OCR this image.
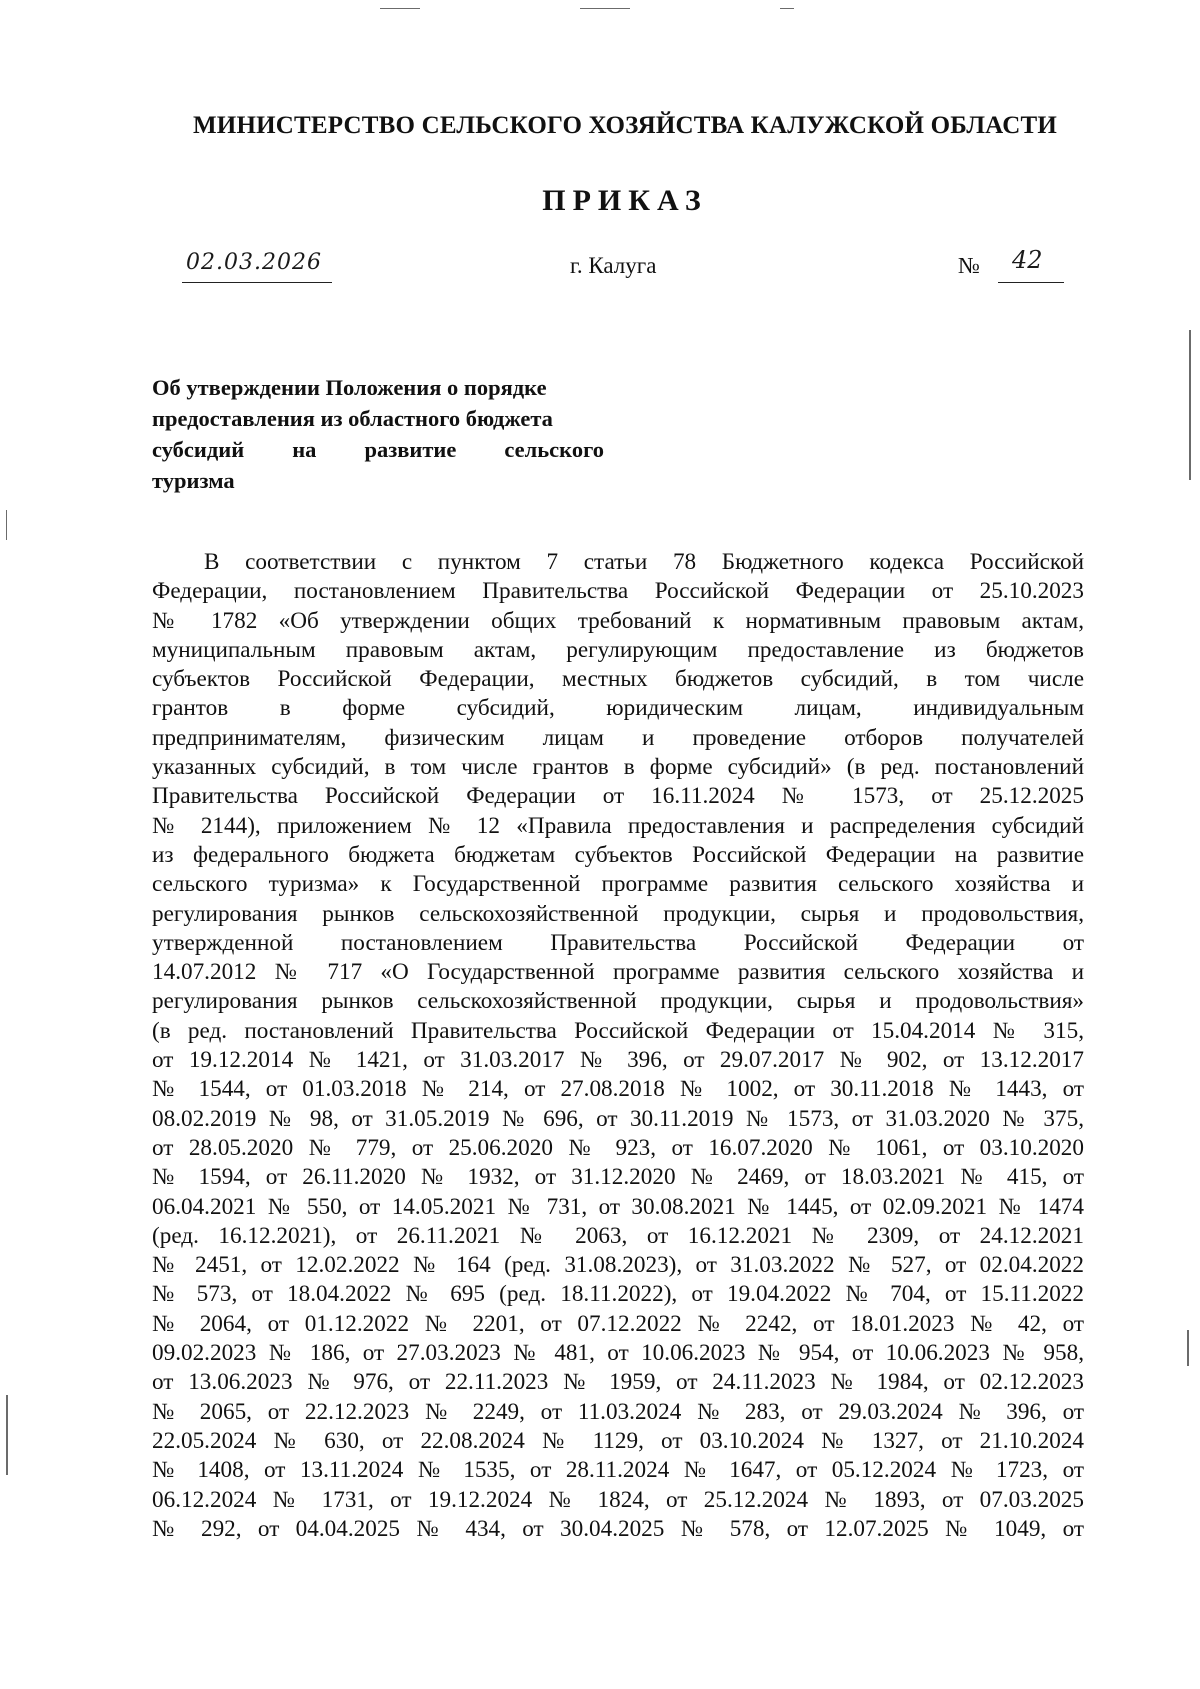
МИНИСТЕРСТВО СЕЛЬСКОГО ХОЗЯЙСТВА КАЛУЖСКОЙ ОБЛАСТИ
ПРИКАЗ
02.03.2026	г. Калуга	№ 42
Об утверждении Положения о порядке
предоставления из областного бюджета
субсидий на развитие сельского
туризма
В соответствии с пунктом 7 статьи 78 Бюджетного кодекса Российской
Федерации, постановлением Правительства Российской Федерации от 25.10.2023
№ 1782 «Об утверждении общих требований к нормативным правовым актам,
муниципальным правовым актам, регулирующим предоставление из бюджетов
субъектов Российской Федерации, местных бюджетов субсидий, в том числе
грантов в форме субсидий, юридическим лицам, индивидуальным
предпринимателям, физическим лицам и проведение отборов получателей
указанных субсидий, в том числе грантов в форме субсидий» (в ред. постановлений
Правительства Российской Федерации от 16.11.2024 № 1573, от 25.12.2025
№ 2144), приложением № 12 «Правила предоставления и распределения субсидий
из федерального бюджета бюджетам субъектов Российской Федерации на развитие
сельского туризма» к Государственной программе развития сельского хозяйства и
регулирования рынков сельскохозяйственной продукции, сырья и продовольствия,
утвержденной постановлением Правительства Российской Федерации от
14.07.2012 № 717 «О Государственной программе развития сельского хозяйства и
регулирования рынков сельскохозяйственной продукции, сырья и продовольствия»
(в ред. постановлений Правительства Российской Федерации от 15.04.2014 № 315,
от 19.12.2014 № 1421, от 31.03.2017 № 396, от 29.07.2017 № 902, от 13.12.2017
№ 1544, от 01.03.2018 № 214, от 27.08.2018 № 1002, от 30.11.2018 № 1443, от
08.02.2019 № 98, от 31.05.2019 № 696, от 30.11.2019 № 1573, от 31.03.2020 № 375,
от 28.05.2020 № 779, от 25.06.2020 № 923, от 16.07.2020 № 1061, от 03.10.2020
№ 1594, от 26.11.2020 № 1932, от 31.12.2020 № 2469, от 18.03.2021 № 415, от
06.04.2021 № 550, от 14.05.2021 № 731, от 30.08.2021 № 1445, от 02.09.2021 № 1474
(ред. 16.12.2021), от 26.11.2021 № 2063, от 16.12.2021 № 2309, от 24.12.2021
№ 2451, от 12.02.2022 № 164 (ред. 31.08.2023), от 31.03.2022 № 527, от 02.04.2022
№ 573, от 18.04.2022 № 695 (ред. 18.11.2022), от 19.04.2022 № 704, от 15.11.2022
№ 2064, от 01.12.2022 № 2201, от 07.12.2022 № 2242, от 18.01.2023 № 42, от
09.02.2023 № 186, от 27.03.2023 № 481, от 10.06.2023 № 954, от 10.06.2023 № 958,
от 13.06.2023 № 976, от 22.11.2023 № 1959, от 24.11.2023 № 1984, от 02.12.2023
№ 2065, от 22.12.2023 № 2249, от 11.03.2024 № 283, от 29.03.2024 № 396, от
22.05.2024 № 630, от 22.08.2024 № 1129, от 03.10.2024 № 1327, от 21.10.2024
№ 1408, от 13.11.2024 № 1535, от 28.11.2024 № 1647, от 05.12.2024 № 1723, от
06.12.2024 № 1731, от 19.12.2024 № 1824, от 25.12.2024 № 1893, от 07.03.2025
№ 292, от 04.04.2025 № 434, от 30.04.2025 № 578, от 12.07.2025 № 1049, от
